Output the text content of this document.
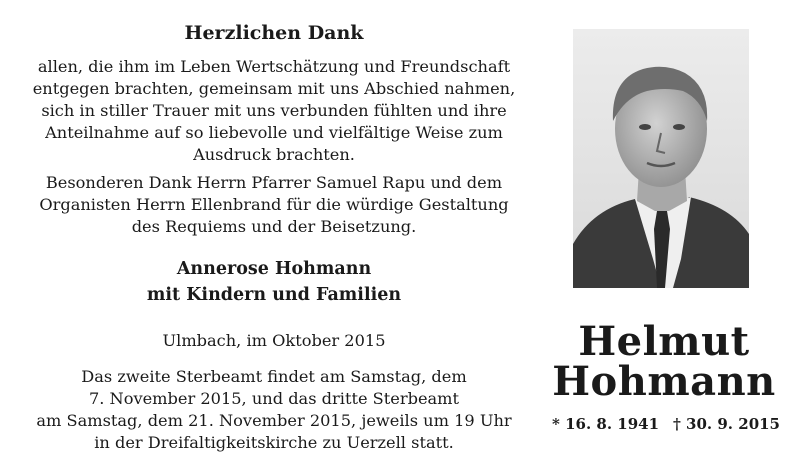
Herzlichen Dank

allen, die ihm im Leben Wertschätzung und Freundschaft
entgegen brachten, gemeinsam mit uns Abschied nahmen,
sich in stiller Trauer mit uns verbunden fühlten und ihre
Anteilnahme auf so liebevolle und vielfältige Weise zum
Ausdruck brachten.

Besonderen Dank Herrn Pfarrer Samuel Rapu und dem
Organisten Herrn Ellenbrand für die würdige Gestaltung
des Requiems und der Beisetzung.

Annerose Hohmann
mit Kindern und Familien
Ulmbach, im Oktober 2015

Das zweite Sterbeamt findet am Samstag, dem
7. November 2015, und das dritte Sterbeamt
am Samstag, dem 21. November 2015, jeweils um 19 Uhr
in der Dreifaltigkeitskirche zu Uerzell statt.

Helmut
Hohmann
* 16. 8. 1941 † 30. 9. 2015
